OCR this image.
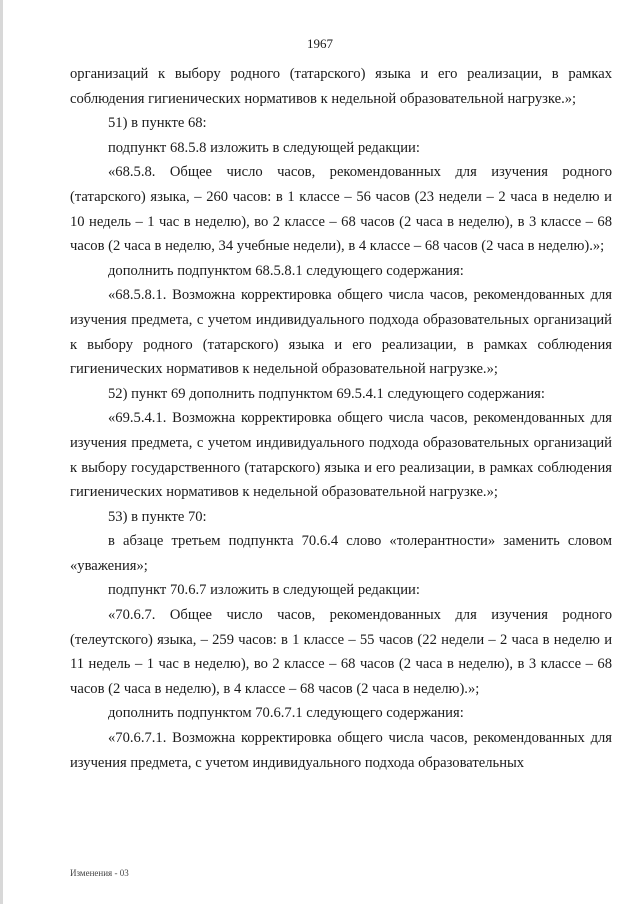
1967

организаций к выбору родного (татарского) языка и его реализации, в рамках соблюдения гигиенических нормативов к недельной образовательной нагрузке.»;

51) в пункте 68:

подпункт 68.5.8 изложить в следующей редакции:

«68.5.8. Общее число часов, рекомендованных для изучения родного (татарского) языка, – 260 часов: в 1 классе – 56 часов (23 недели – 2 часа в неделю и 10 недель – 1 час в неделю), во 2 классе – 68 часов (2 часа в неделю), в 3 классе – 68 часов (2 часа в неделю, 34 учебные недели), в 4 классе – 68 часов (2 часа в неделю).»;

дополнить подпунктом 68.5.8.1 следующего содержания:

«68.5.8.1. Возможна корректировка общего числа часов, рекомендованных для изучения предмета, с учетом индивидуального подхода образовательных организаций к выбору родного (татарского) языка и его реализации, в рамках соблюдения гигиенических нормативов к недельной образовательной нагрузке.»;

52) пункт 69 дополнить подпунктом 69.5.4.1 следующего содержания:

«69.5.4.1. Возможна корректировка общего числа часов, рекомендованных для изучения предмета, с учетом индивидуального подхода образовательных организаций к выбору государственного (татарского) языка и его реализации, в рамках соблюдения гигиенических нормативов к недельной образовательной нагрузке.»;

53) в пункте 70:

в абзаце третьем подпункта 70.6.4 слово «толерантности» заменить словом «уважения»;

подпункт 70.6.7 изложить в следующей редакции:

«70.6.7. Общее число часов, рекомендованных для изучения родного (телеутского) языка, – 259 часов: в 1 классе – 55 часов (22 недели – 2 часа в неделю и 11 недель – 1 час в неделю), во 2 классе – 68 часов (2 часа в неделю), в 3 классе – 68 часов (2 часа в неделю), в 4 классе – 68 часов (2 часа в неделю).»;

дополнить подпунктом 70.6.7.1 следующего содержания:

«70.6.7.1. Возможна корректировка общего числа часов, рекомендованных для изучения предмета, с учетом индивидуального подхода образовательных

Изменения - 03
